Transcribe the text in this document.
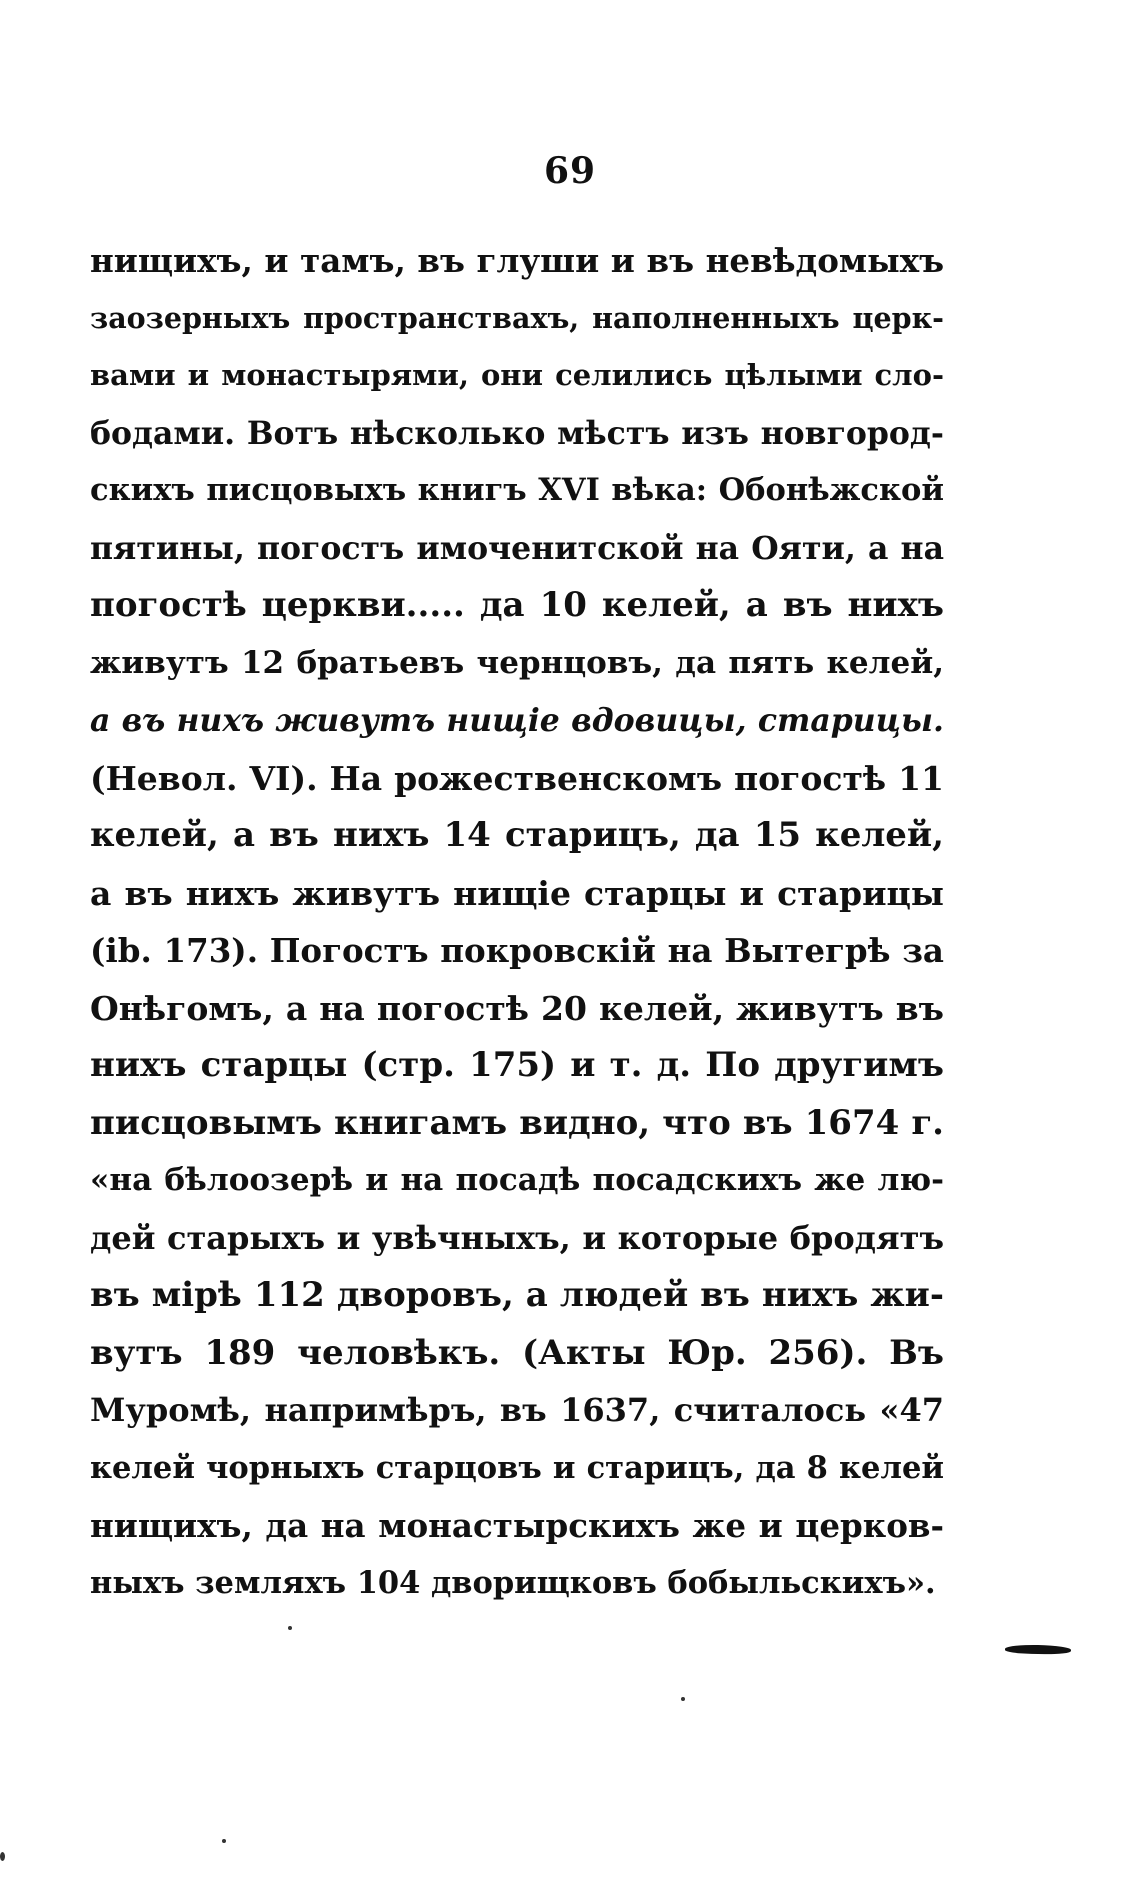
69
нищихъ, и тамъ, въ глуши и въ невѣдомыхъ
заозерныхъ пространствахъ, наполненныхъ церк-
вами и монастырями, они селились цѣлыми сло-
бодами. Вотъ нѣсколько мѣстъ изъ новгород-
скихъ писцовыхъ книгъ XVI вѣка: Обонѣжской
пятины, погостъ имоченитской на Ояти, а на
погостѣ церкви..... да 10 келей, а въ нихъ
живутъ 12 братьевъ чернцовъ, да пять келей,
а въ нихъ живутъ нищіе вдовицы, старицы.
(Невол. VI). На рожественскомъ погостѣ 11
келей, а въ нихъ 14 старицъ, да 15 келей,
а въ нихъ живутъ нищіе старцы и старицы
(ib. 173). Погостъ покровскій на Вытегрѣ за
Онѣгомъ, а на погостѣ 20 келей, живутъ въ
нихъ старцы (стр. 175) и т. д. По другимъ
писцовымъ книгамъ видно, что въ 1674 г.
«на бѣлоозерѣ и на посадѣ посадскихъ же лю-
дей старыхъ и увѣчныхъ, и которые бродятъ
въ мірѣ 112 дворовъ, а людей въ нихъ жи-
вутъ 189 человѣкъ. (Акты Юр. 256). Въ
Муромѣ, напримѣръ, въ 1637, считалось «47
келей чорныхъ старцовъ и старицъ, да 8 келей
нищихъ, да на монастырскихъ же и церков-
ныхъ земляхъ 104 дворищковъ бобыльскихъ».
